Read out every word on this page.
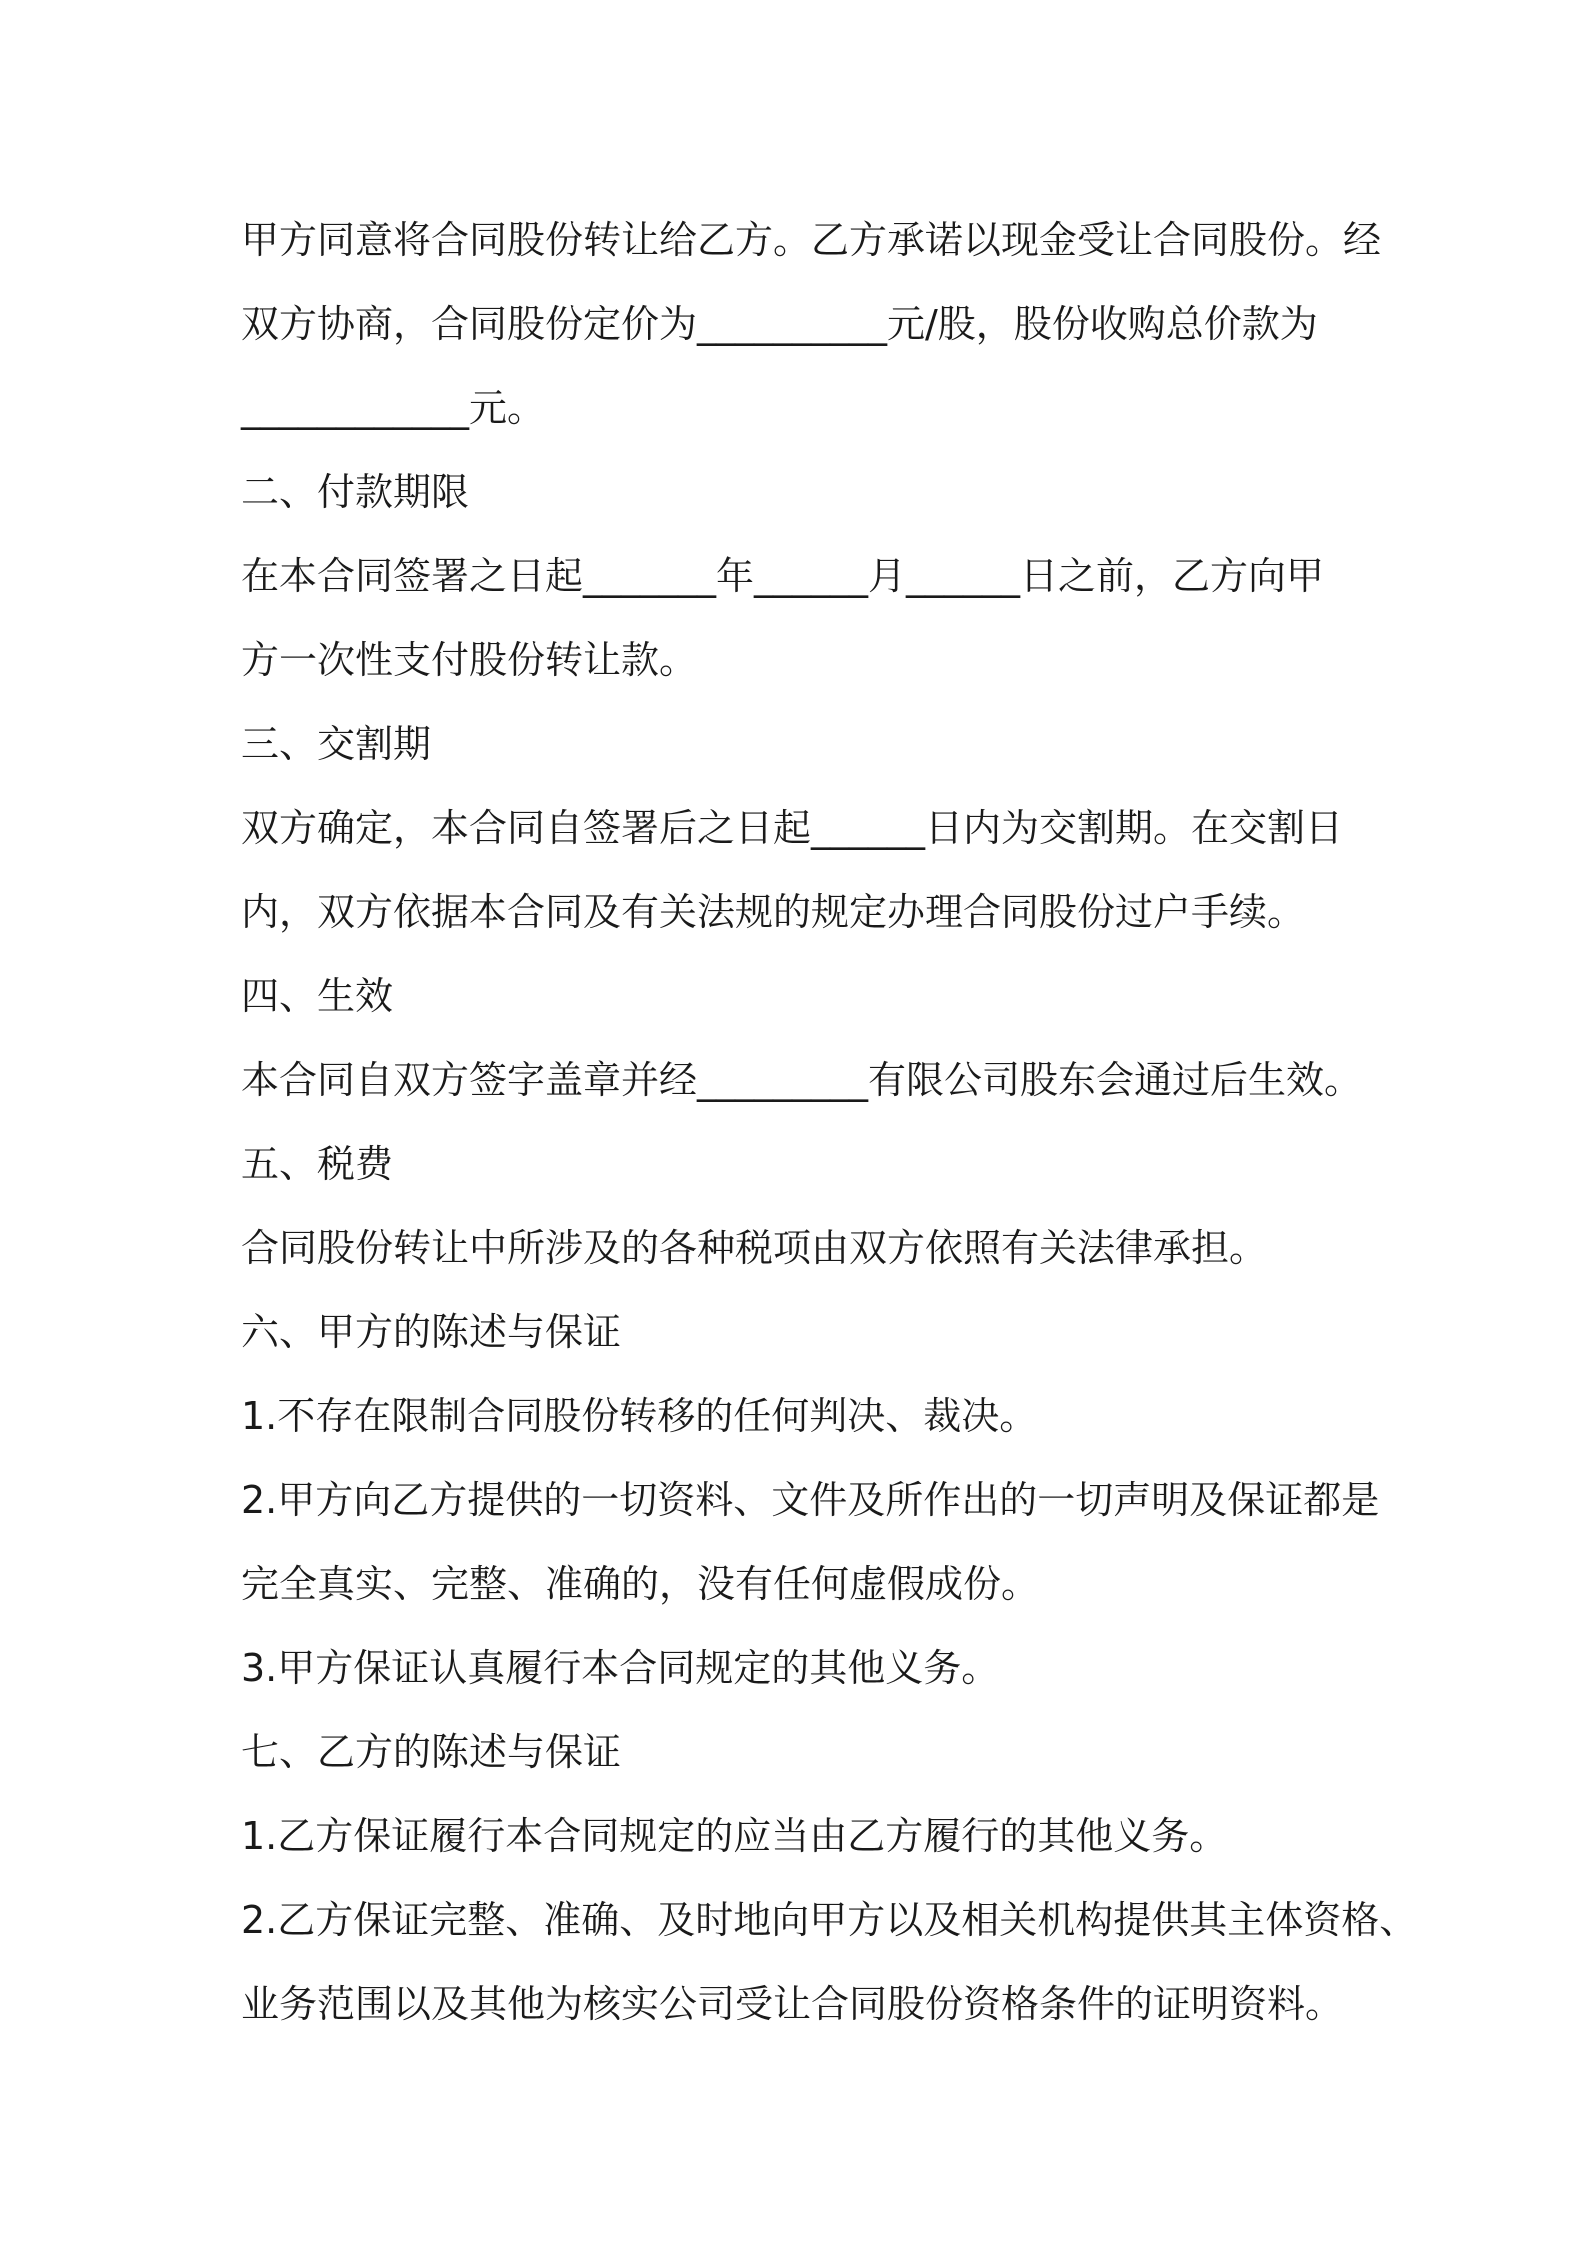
甲方同意将合同股份转让给乙方。乙方承诺以现金受让合同股份。经
双方协商，合同股份定价为__________元/股，股份收购总价款为
____________元。
二、付款期限
在本合同签署之日起_______年______月______日之前，乙方向甲
方一次性支付股份转让款。
三、交割期
双方确定，本合同自签署后之日起______日内为交割期。在交割日
内，双方依据本合同及有关法规的规定办理合同股份过户手续。
四、生效
本合同自双方签字盖章并经_________有限公司股东会通过后生效。
五、税费
合同股份转让中所涉及的各种税项由双方依照有关法律承担。
六、甲方的陈述与保证
1.不存在限制合同股份转移的任何判决、裁决。
2.甲方向乙方提供的一切资料、文件及所作出的一切声明及保证都是
完全真实、完整、准确的，没有任何虚假成份。
3.甲方保证认真履行本合同规定的其他义务。
七、乙方的陈述与保证
1.乙方保证履行本合同规定的应当由乙方履行的其他义务。
2.乙方保证完整、准确、及时地向甲方以及相关机构提供其主体资格、
业务范围以及其他为核实公司受让合同股份资格条件的证明资料。
